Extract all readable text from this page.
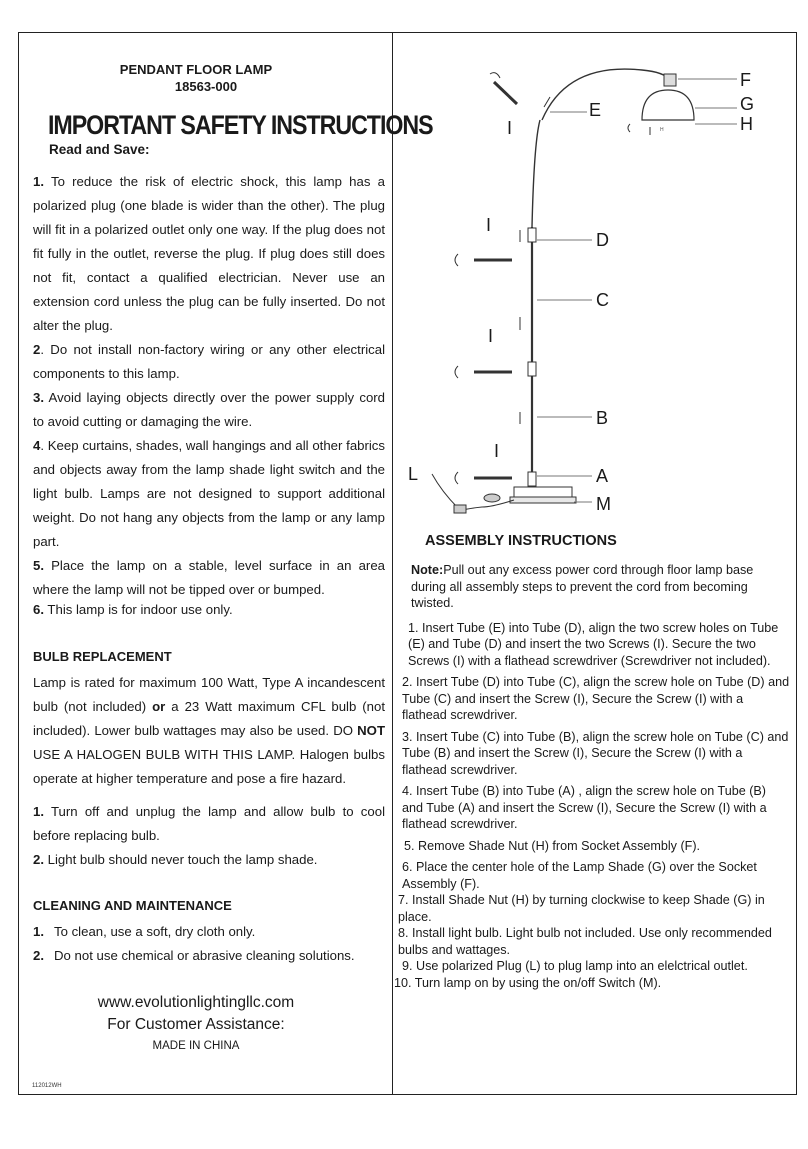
PENDANT FLOOR LAMP
18563-000
IMPORTANT SAFETY INSTRUCTIONS
Read and Save:

1. To reduce the risk of electric shock, this lamp has a polarized plug (one blade is wider than the other). The plug will fit in a polarized outlet only one way. If the plug does not fit fully in the outlet, reverse the plug. If plug does still does not fit, contact a qualified electrician. Never use an extension cord unless the plug can be fully inserted. Do not alter the plug.

2. Do not install non-factory wiring or any other electrical components to this lamp.

3. Avoid laying objects directly over the power supply cord to avoid cutting or damaging the wire.

4. Keep curtains, shades, wall hangings and all other fabrics and objects away from the lamp shade light switch and the light bulb. Lamps are not designed to support additional weight. Do not hang any objects from the lamp or any lamp part.

5. Place the lamp on a stable, level surface in an area where the lamp will not be tipped over or bumped.

6. This lamp is for indoor use only.

BULB REPLACEMENT

Lamp is rated for maximum 100 Watt, Type A incandescent bulb (not included) or a 23 Watt maximum CFL bulb (not included). Lower bulb wattages may also be used. DO NOT USE A HALOGEN BULB WITH THIS LAMP. Halogen bulbs operate at higher temperature and pose a fire hazard.

1. Turn off and unplug the lamp and allow bulb to cool before replacing bulb.

2. Light bulb should never touch the lamp shade.

CLEANING AND MAINTENANCE

1. To clean, use a soft, dry cloth only.

2. Do not use chemical or abrasive cleaning solutions.

www.evolutionlightingllc.com
For Customer Assistance:
MADE IN CHINA
112012WH
H
F
G
H
E
I
D
I
C
I
B
I
A
M
L
ASSEMBLY INSTRUCTIONS

Note:Pull out any excess power cord through floor lamp base during all assembly steps to prevent the cord from becoming twisted.

1. Insert Tube (E) into Tube (D), align the two screw holes on Tube (E) and Tube (D) and insert the two Screws (I). Secure the two Screws (I) with a flathead screwdriver (Screwdriver not included).

2. Insert Tube (D) into Tube (C), align the screw hole on Tube (D) and Tube (C) and insert the Screw (I), Secure the Screw (I) with a flathead screwdriver.

3. Insert Tube (C) into Tube (B), align the screw hole on Tube (C) and Tube (B) and insert the Screw (I), Secure the Screw (I) with a flathead screwdriver.

4. Insert Tube (B) into Tube (A) , align the screw hole on Tube (B) and Tube (A) and insert the Screw (I), Secure the Screw (I) with a flathead screwdriver.

5. Remove Shade Nut (H) from Socket Assembly (F).

6. Place the center hole of the Lamp Shade (G) over the Socket Assembly (F).

7. Install Shade Nut (H) by turning clockwise to keep Shade (G) in place.

8. Install light bulb. Light bulb not included. Use only recommended bulbs and wattages.

9. Use polarized Plug (L) to plug lamp into an elelctrical outlet.

10. Turn lamp on by using the on/off Switch (M).
